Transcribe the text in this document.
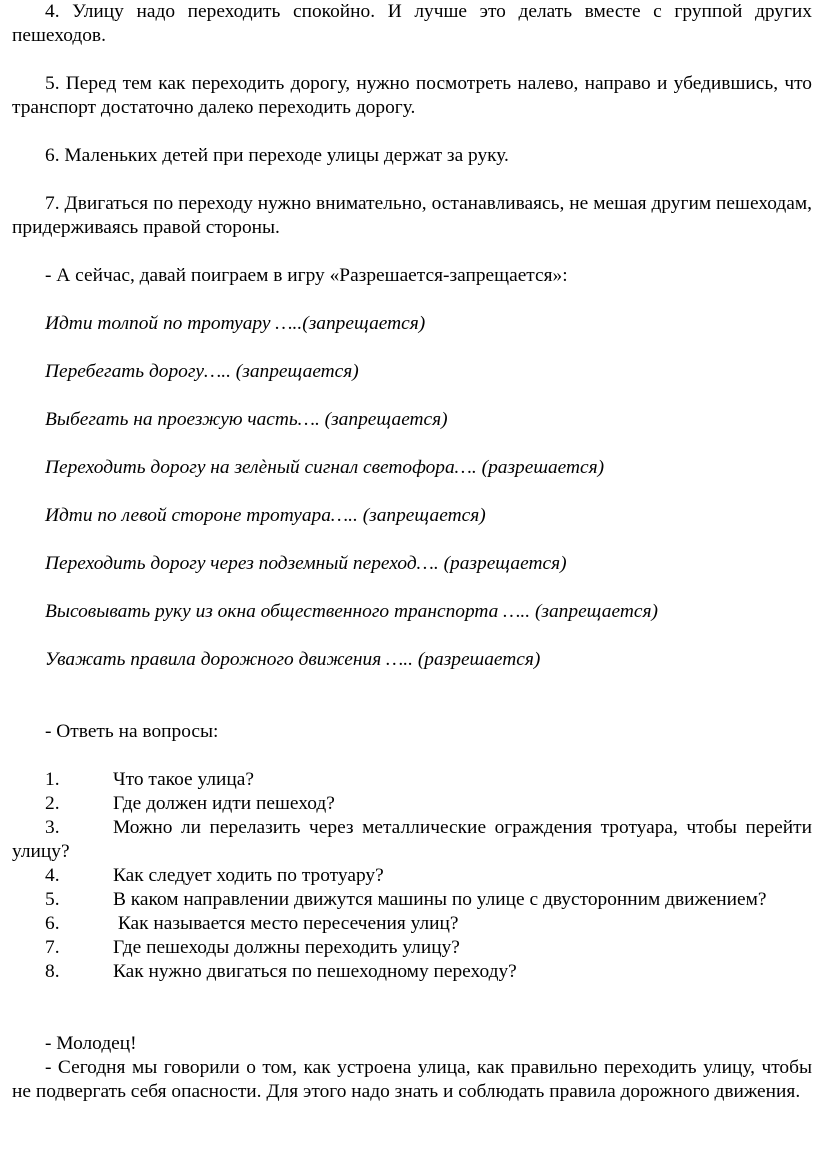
4. Улицу надо переходить спокойно. И лучше это делать вместе с группой других пешеходов.

5. Перед тем как переходить дорогу, нужно посмотреть налево, направо и убедившись, что транспорт достаточно далеко переходить дорогу.

6. Маленьких детей при переходе улицы держат за руку.

7. Двигаться по переходу нужно внимательно, останавливаясь, не мешая другим пешеходам, придерживаясь правой стороны.

- А сейчас, давай поиграем в игру «Разрешается-запрещается»:

Идти толпой по тротуару …..(запрещается)

Перебегать дорогу….. (запрещается)

Выбегать на проезжую часть…. (запрещается)

Переходить дорогу на зелѐный сигнал светофора…. (разрешается)

Идти по левой стороне тротуара….. (запрещается)

Переходить дорогу через подземный переход…. (разрещается)

Высовывать руку из окна общественного транспорта ….. (запрещается)

Уважать правила дорожного движения ….. (разрешается)

- Ответь на вопросы:

1.	Что такое улица?

2.	Где должен идти пешеход?

3.	Можно ли перелазить через металлические ограждения тротуара, чтобы перейти улицу?

4.	Как следует ходить по тротуару?

5.	В каком направлении движутся машины по улице с двусторонним движением?

6.	Как называется место пересечения улиц?

7.	Где пешеходы должны переходить улицу?

8.	Как нужно двигаться по пешеходному переходу?

- Молодец!

- Сегодня мы говорили о том, как устроена улица, как правильно переходить улицу, чтобы не подвергать себя опасности. Для этого надо знать и соблюдать правила дорожного движения.
